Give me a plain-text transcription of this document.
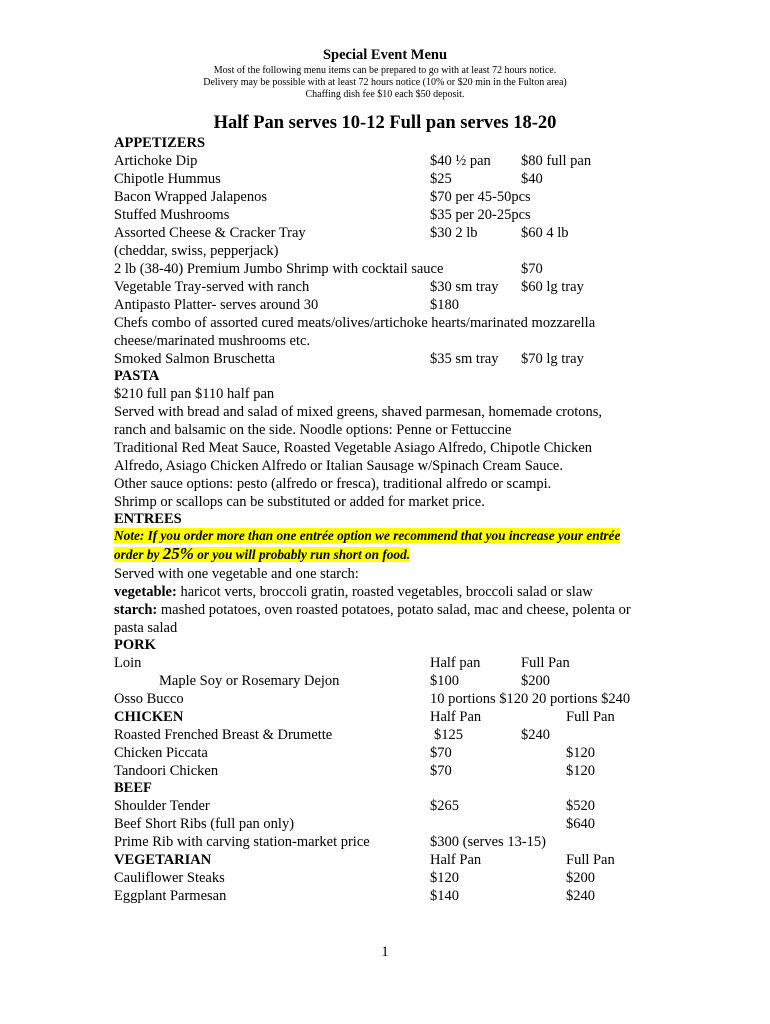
Special Event Menu
Most of the following menu items can be prepared to go with at least 72 hours notice.
Delivery may be possible with at least 72 hours notice (10% or $20 min in the Fulton area)
Chaffing dish fee $10 each $50 deposit.
Half Pan serves 10-12 Full pan serves 18-20
APPETIZERS
Artichoke Dip	$40 ½ pan $80 full pan
Chipotle Hummus	$25	$40
Bacon Wrapped Jalapenos	$70 per 45-50pcs
Stuffed Mushrooms	$35 per 20-25pcs
Assorted Cheese & Cracker Tray	$30 2 lb	$60 4 lb
(cheddar, swiss, pepperjack)
2 lb (38-40) Premium Jumbo Shrimp with cocktail sauce	$70
Vegetable Tray-served with ranch	$30 sm tray $60 lg tray
Antipasto Platter- serves around 30	$180
Chefs combo of assorted cured meats/olives/artichoke hearts/marinated mozzarella
cheese/marinated mushrooms etc.
Smoked Salmon Bruschetta	$35 sm tray $70 lg tray
PASTA
$210 full pan $110 half pan
Served with bread and salad of mixed greens, shaved parmesan, homemade crotons,
ranch and balsamic on the side. Noodle options: Penne or Fettuccine
Traditional Red Meat Sauce, Roasted Vegetable Asiago Alfredo, Chipotle Chicken
Alfredo, Asiago Chicken Alfredo or Italian Sausage w/Spinach Cream Sauce.
Other sauce options: pesto (alfredo or fresca), traditional alfredo or scampi.
Shrimp or scallops can be substituted or added for market price.
ENTREES
Note: If you order more than one entrée option we recommend that you increase your entrée
order by 25% or you will probably run short on food.
Served with one vegetable and one starch:
vegetable: haricot verts, broccoli gratin, roasted vegetables, broccoli salad or slaw
starch: mashed potatoes, oven roasted potatoes, potato salad, mac and cheese, polenta or
pasta salad
PORK
Loin	Half pan	Full Pan
Maple Soy or Rosemary Dejon	$100	$200
Osso Bucco	10 portions $120 20 portions $240
CHICKEN	Half Pan	Full Pan
Roasted Frenched Breast & Drumette	$125	$240
Chicken Piccata	$70	$120
Tandoori Chicken	$70	$120
BEEF
Shoulder Tender	$265	$520
Beef Short Ribs (full pan only)	$640
Prime Rib with carving station-market price	$300 (serves 13-15)
VEGETARIAN	Half Pan	Full Pan
Cauliflower Steaks	$120	$200
Eggplant Parmesan	$140	$240
1
